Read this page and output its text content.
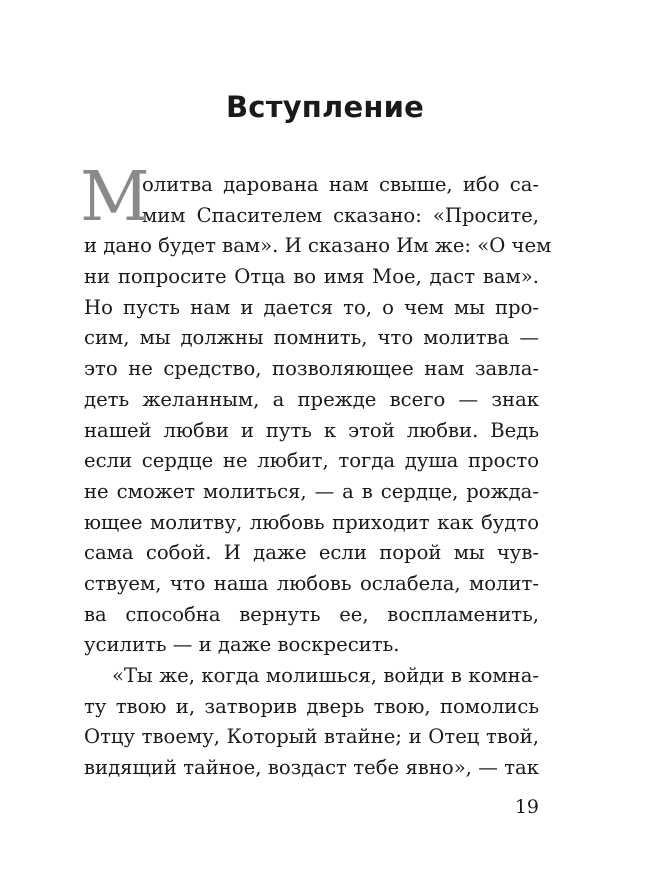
Вступление
М
олитва дарована нам свыше, ибо са-
мим Спасителем сказано: «Просите,
и дано будет вам». И сказано Им же: «О чем
ни попросите Отца во имя Мое, даст вам».
Но пусть нам и дается то, о чем мы про-
сим, мы должны помнить, что молитва —
это не средство, позволяющее нам завла-
деть желанным, а прежде всего — знак
нашей любви и путь к этой любви. Ведь
если сердце не любит, тогда душа просто
не сможет молиться, — а в сердце, рожда-
ющее молитву, любовь приходит как будто
сама собой. И даже если порой мы чув-
ствуем, что наша любовь ослабела, молит-
ва способна вернуть ее, воспламенить,
усилить — и даже воскресить.
«Ты же, когда молишься, войди в комна-
ту твою и, затворив дверь твою, помолись
Отцу твоему, Который втайне; и Отец твой,
видящий тайное, воздаст тебе явно», — так
19
